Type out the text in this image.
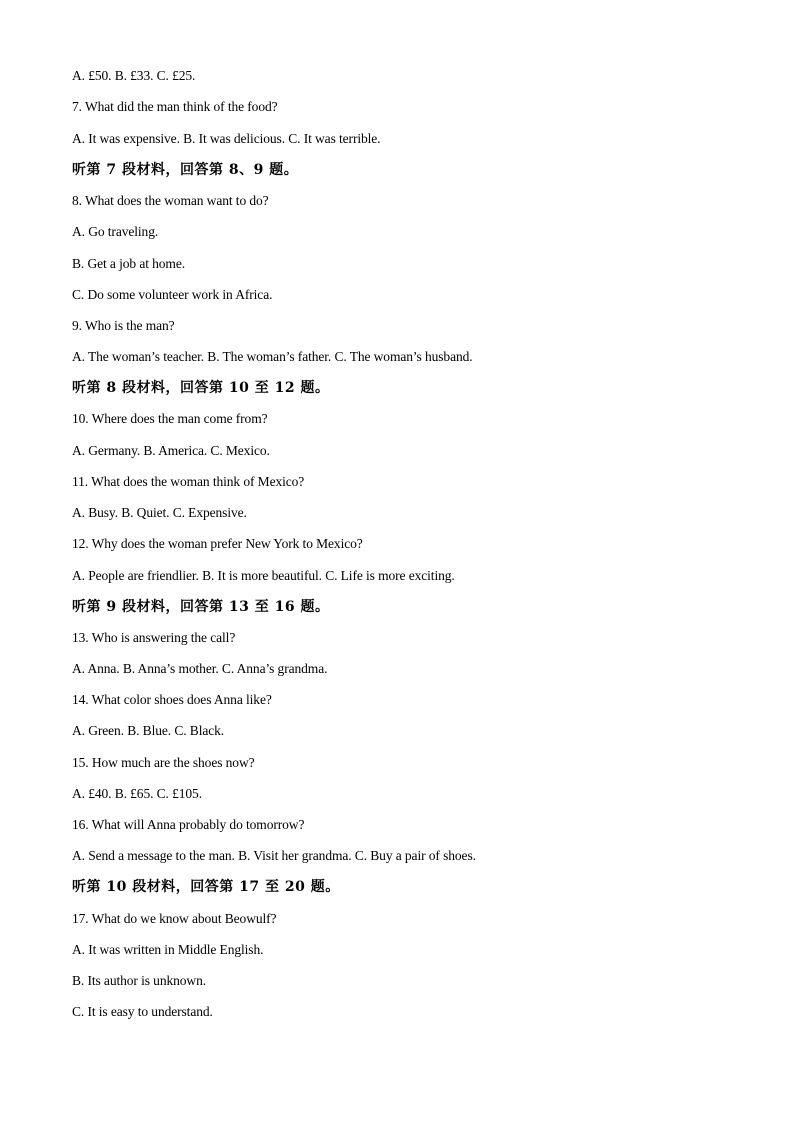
A. £50. B. £33. C. £25.
7. What did the man think of the food?
A. It was expensive. B. It was delicious. C. It was terrible.
听第 7 段材料，回答第 8、9 题。
8. What does the woman want to do?
A. Go traveling.
B. Get a job at home.
C. Do some volunteer work in Africa.
9. Who is the man?
A. The woman’s teacher. B. The woman’s father. C. The woman’s husband.
听第 8 段材料，回答第 10 至 12 题。
10. Where does the man come from?
A. Germany. B. America. C. Mexico.
11. What does the woman think of Mexico?
A. Busy. B. Quiet. C. Expensive.
12. Why does the woman prefer New York to Mexico?
A. People are friendlier. B. It is more beautiful. C. Life is more exciting.
听第 9 段材料，回答第 13 至 16 题。
13. Who is answering the call?
A. Anna. B. Anna’s mother. C. Anna’s grandma.
14. What color shoes does Anna like?
A. Green. B. Blue. C. Black.
15. How much are the shoes now?
A. £40. B. £65. C. £105.
16. What will Anna probably do tomorrow?
A. Send a message to the man. B. Visit her grandma. C. Buy a pair of shoes.
听第 10 段材料，回答第 17 至 20 题。
17. What do we know about Beowulf?
A. It was written in Middle English.
B. Its author is unknown.
C. It is easy to understand.
